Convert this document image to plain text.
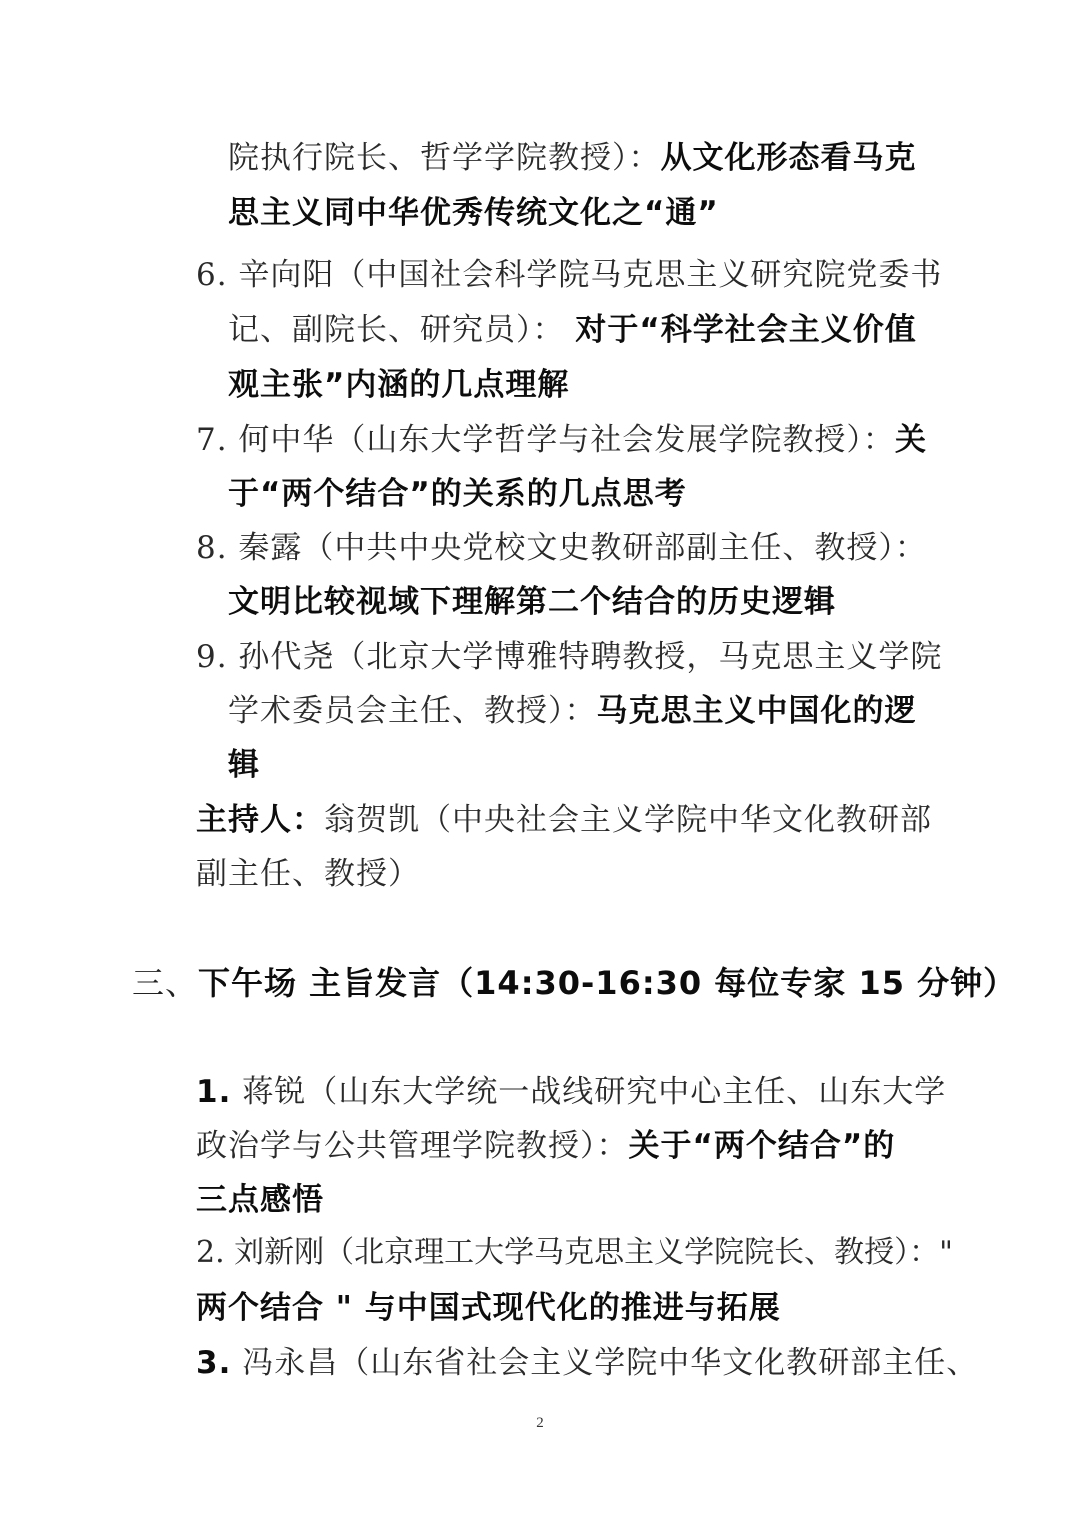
院执行院长、哲学学院教授）：从文化形态看马克
思主义同中华优秀传统文化之“通”
6. 辛向阳（中国社会科学院马克思主义研究院党委书
记、副院长、研究员）： 对于“科学社会主义价值
观主张”内涵的几点理解
7. 何中华（山东大学哲学与社会发展学院教授）：关
于“两个结合”的关系的几点思考
8. 秦露（中共中央党校文史教研部副主任、教授）：
文明比较视域下理解第二个结合的历史逻辑
9. 孙代尧（北京大学博雅特聘教授，马克思主义学院
学术委员会主任、教授）：马克思主义中国化的逻
辑
主持人：翁贺凯（中央社会主义学院中华文化教研部
副主任、教授）
三、下午场 主旨发言（14:30-16:30 每位专家 15 分钟）
1. 蒋锐（山东大学统一战线研究中心主任、山东大学
政治学与公共管理学院教授）：关于“两个结合”的
三点感悟
2. 刘新刚（北京理工大学马克思主义学院院长、教授）："
两个结合 " 与中国式现代化的推进与拓展
3. 冯永昌（山东省社会主义学院中华文化教研部主任、
2
